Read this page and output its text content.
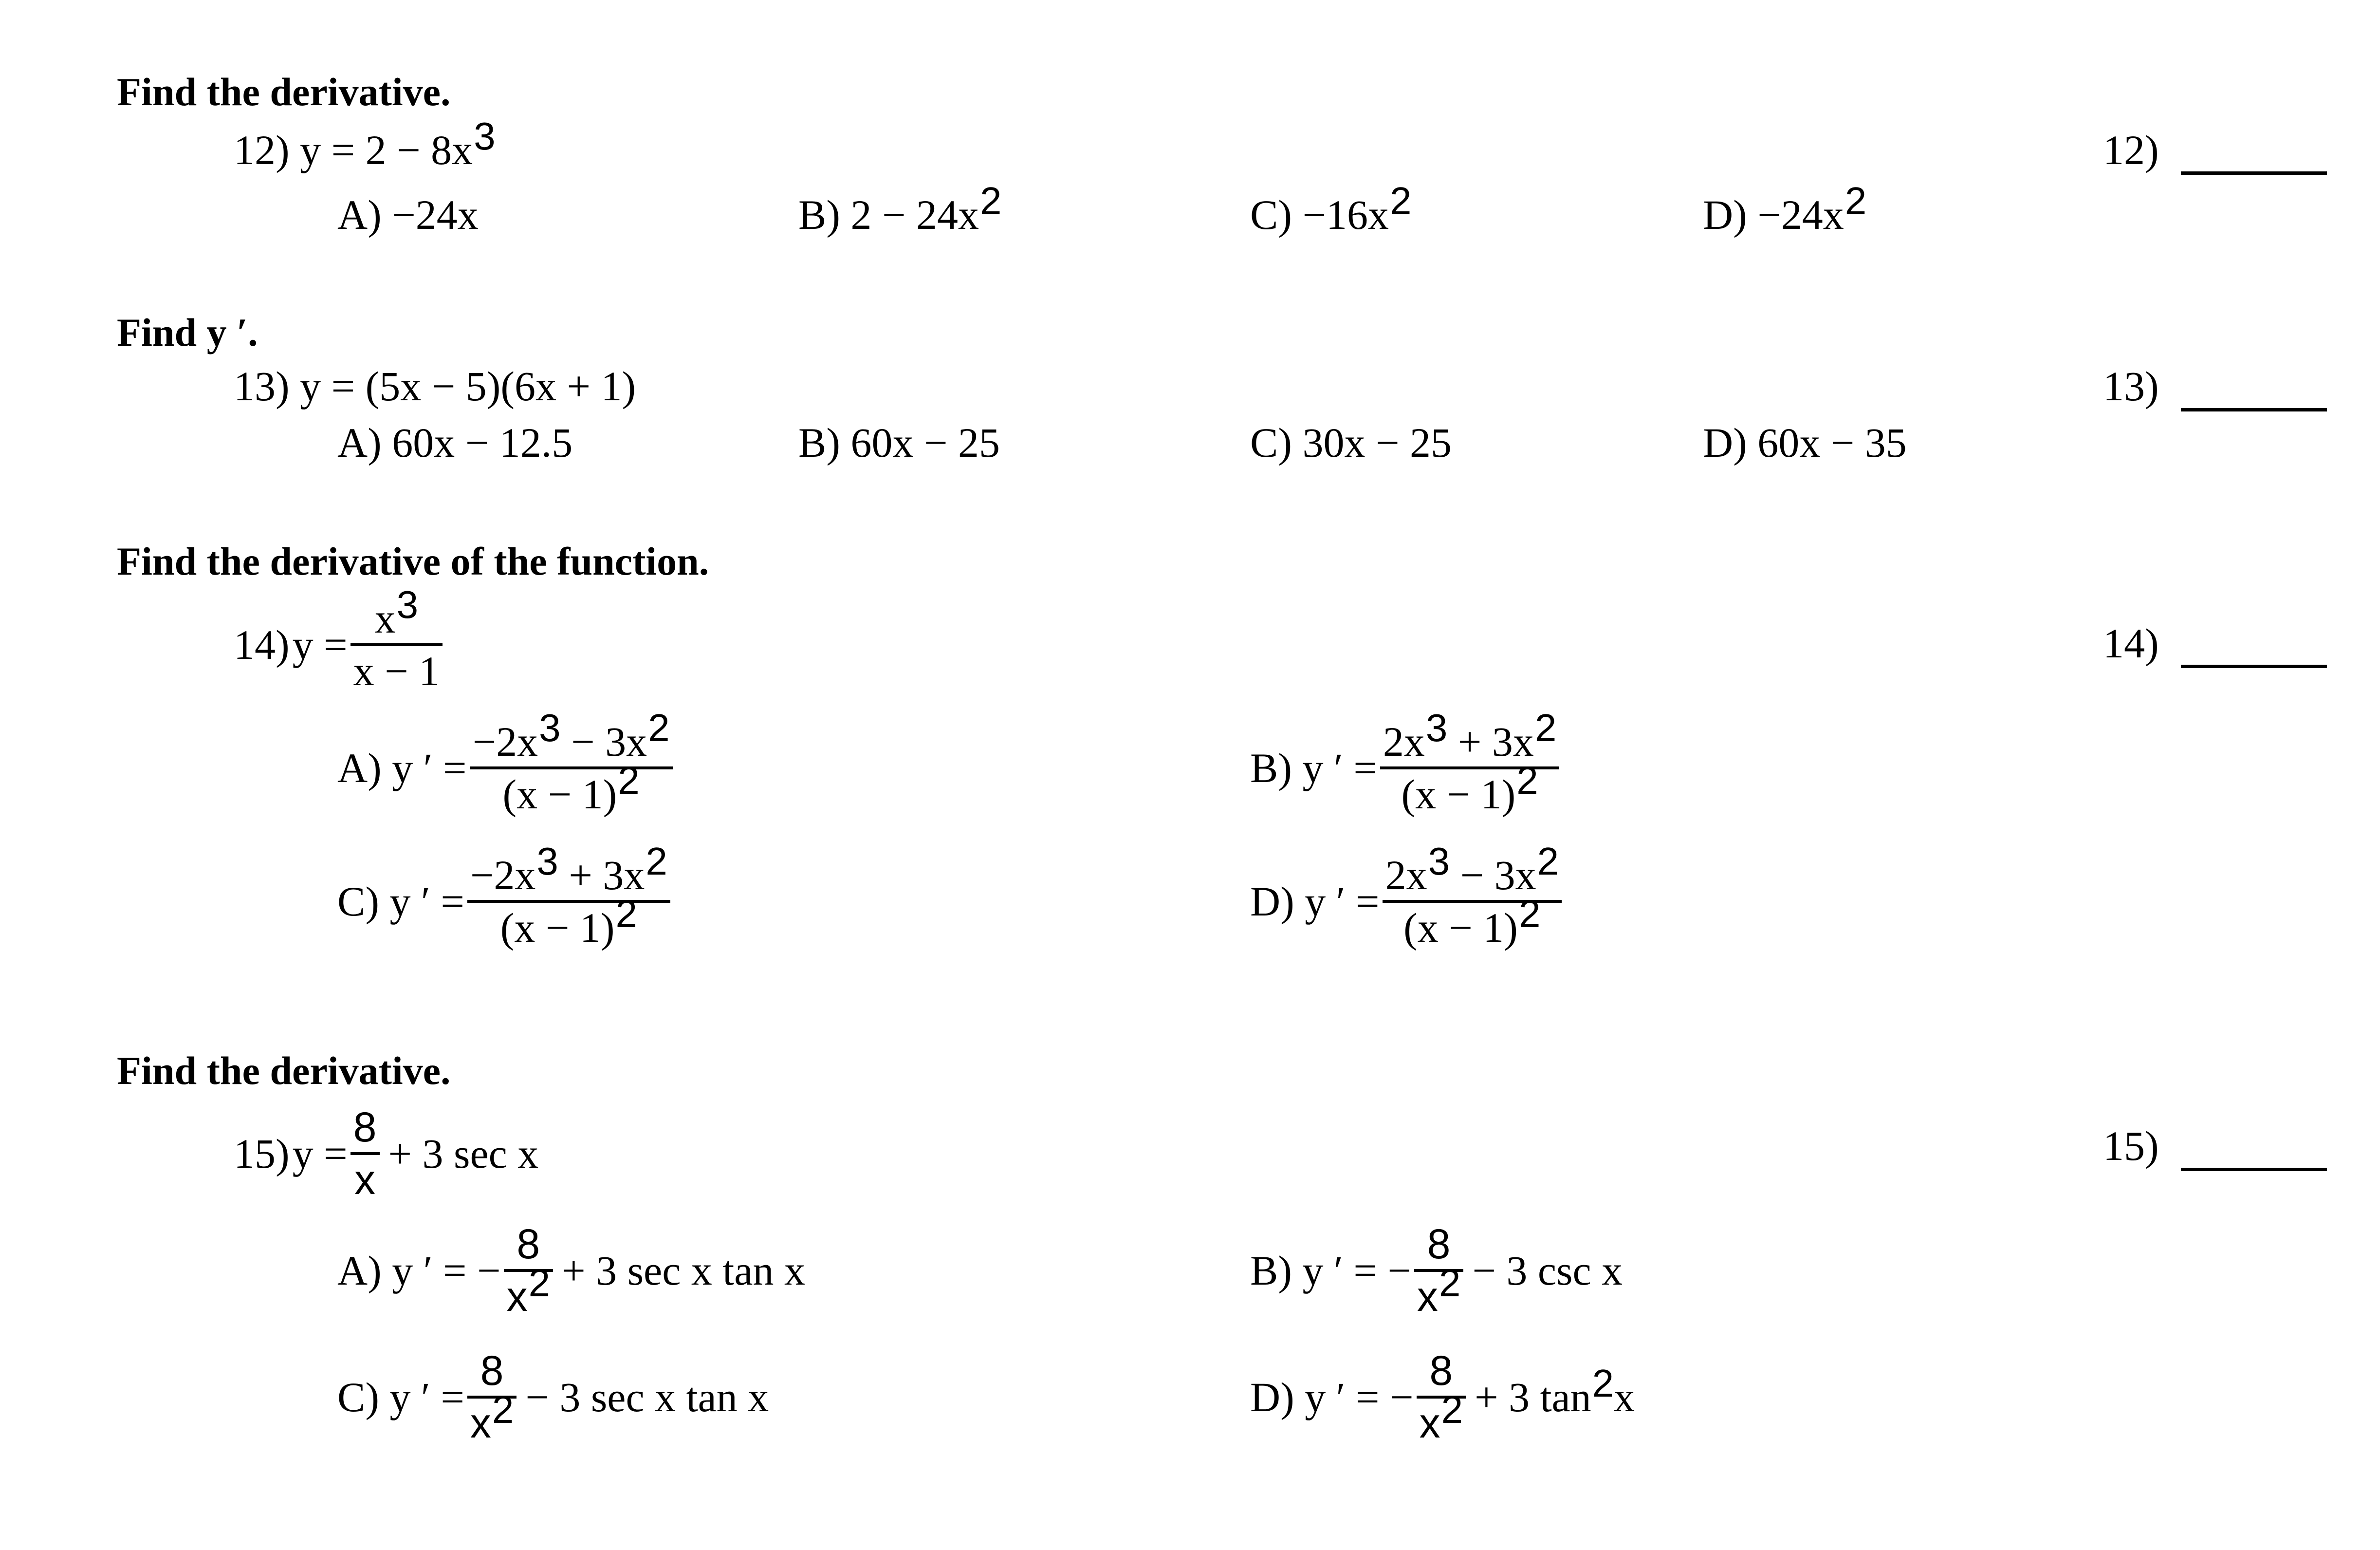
Find the derivative.
12) y = 2 − 8x3	12)
A) −24x	B) 2 − 24x2	C) −16x2	D) −24x2
Find y ′.
13) y = (5x − 5)(6x + 1)	13)
A) 60x − 12.5	B) 60x − 25	C) 30x − 25	D) 60x − 35
Find the derivative of the function.
14) y =
x3
x − 1
14)
A) y ′ =
−2x3 − 3x2
(x − 1)2	B) y ′ =
2x3 + 3x2
(x − 1)2
C) y ′ =
−2x3 + 3x2
(x − 1)2	D) y ′ =
2x3 − 3x2
(x − 1)2
Find the derivative.
15) y =
8
x
+ 3 sec x	15)
A) y ′ = −
8
x2 + 3 sec x tan x	B) y ′ = −
8
x2 − 3 csc x
C) y ′ =
8
x2 − 3 sec x tan x	D) y ′ = −
8
x2 + 3 tan2x
